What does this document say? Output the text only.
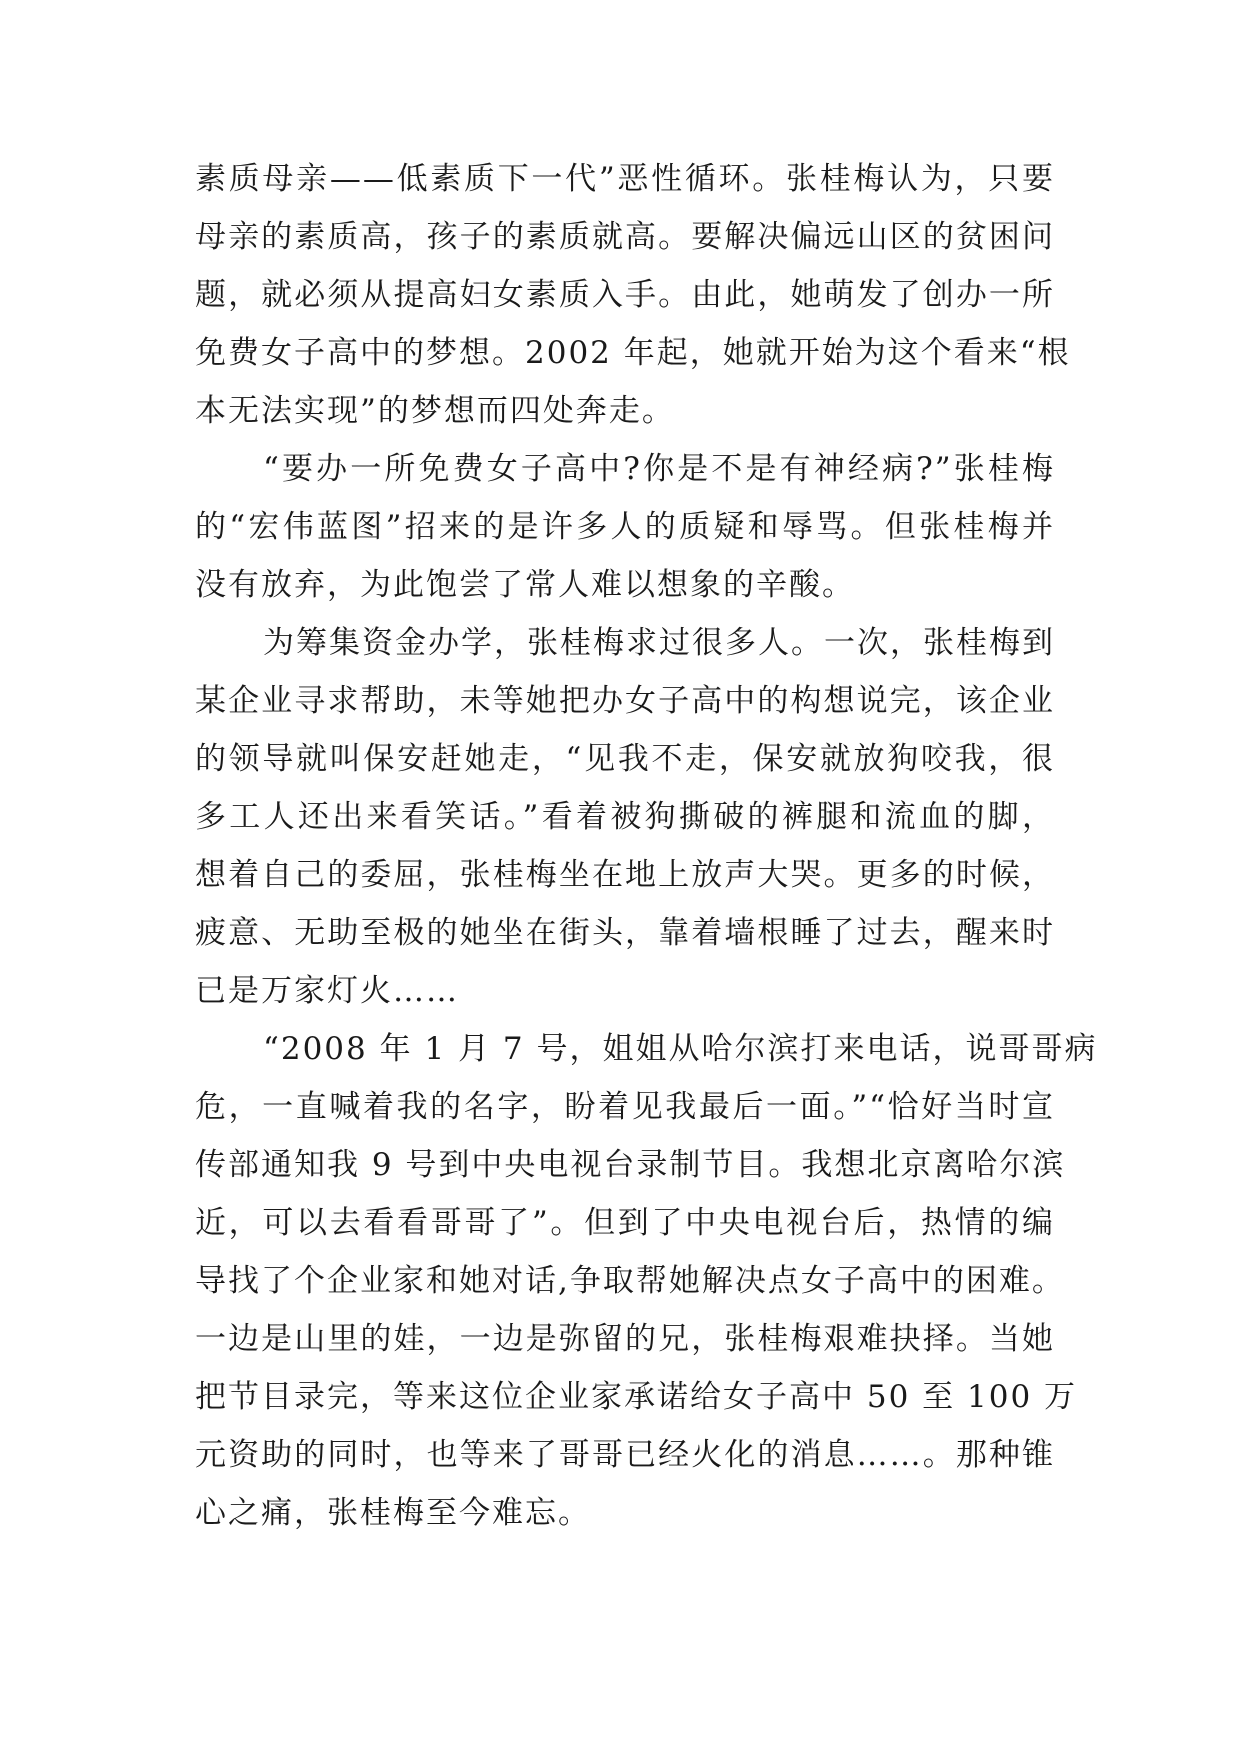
素质母亲——低素质下一代”恶性循环。张桂梅认为，只要
母亲的素质高，孩子的素质就高。要解决偏远山区的贫困问
题，就必须从提高妇女素质入手。由此，她萌发了创办一所
免费女子高中的梦想。2002 年起，她就开始为这个看来“根
本无法实现”的梦想而四处奔走。
“要办一所免费女子高中?你是不是有神经病?”张桂梅
的“宏伟蓝图”招来的是许多人的质疑和辱骂。但张桂梅并
没有放弃，为此饱尝了常人难以想象的辛酸。
为筹集资金办学，张桂梅求过很多人。一次，张桂梅到
某企业寻求帮助，未等她把办女子高中的构想说完，该企业
的领导就叫保安赶她走，“见我不走，保安就放狗咬我，很
多工人还出来看笑话。”看着被狗撕破的裤腿和流血的脚，
想着自己的委屈，张桂梅坐在地上放声大哭。更多的时候，
疲意、无助至极的她坐在街头，靠着墙根睡了过去，醒来时
已是万家灯火……
“2008 年 1 月 7 号，姐姐从哈尔滨打来电话，说哥哥病
危，一直喊着我的名字，盼着见我最后一面。”“恰好当时宣
传部通知我 9 号到中央电视台录制节目。我想北京离哈尔滨
近，可以去看看哥哥了”。但到了中央电视台后，热情的编
导找了个企业家和她对话,争取帮她解决点女子高中的困难。
一边是山里的娃，一边是弥留的兄，张桂梅艰难抉择。当她
把节目录完，等来这位企业家承诺给女子高中 50 至 100 万
元资助的同时，也等来了哥哥已经火化的消息……。那种锥
心之痛，张桂梅至今难忘。
